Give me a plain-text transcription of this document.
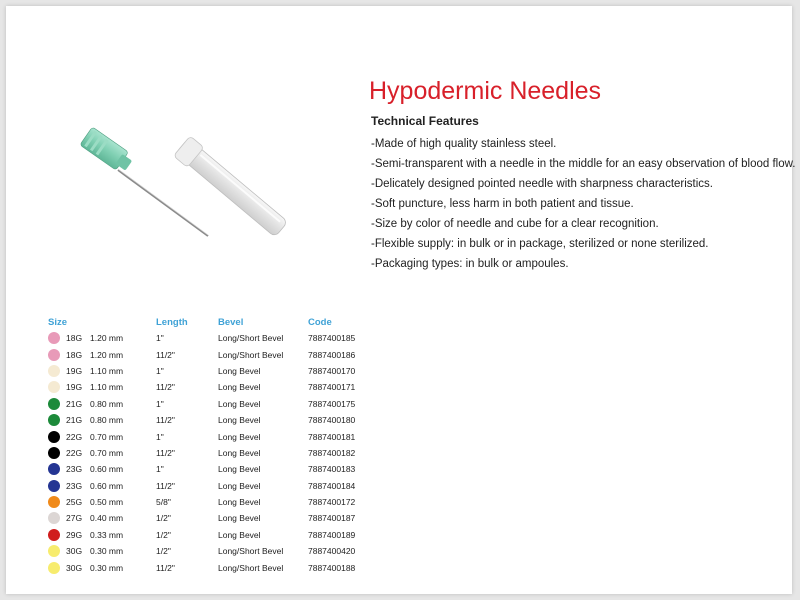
Hypodermic Needles
Technical Features
-Made of high quality stainless steel.
-Semi-transparent with a needle in the middle for an easy observation of blood flow.
-Delicately designed pointed needle with sharpness characteristics.
-Soft puncture, less harm in both patient and tissue.
-Size by color of needle and cube for a clear recognition.
-Flexible supply: in bulk or in package, sterilized or none sterilized.
-Packaging types: in bulk or ampoules.
Size			Length	Bevel	Code
	18G	1.20 mm	1"	Long/Short Bevel	7887400185
	18G	1.20 mm	11/2"	Long/Short Bevel	7887400186
	19G	1.10 mm	1"	Long Bevel	7887400170
	19G	1.10 mm	11/2"	Long Bevel	7887400171
	21G	0.80 mm	1"	Long Bevel	7887400175
	21G	0.80 mm	11/2"	Long Bevel	7887400180
	22G	0.70 mm	1"	Long Bevel	7887400181
	22G	0.70 mm	11/2"	Long Bevel	7887400182
	23G	0.60 mm	1"	Long Bevel	7887400183
	23G	0.60 mm	11/2"	Long Bevel	7887400184
	25G	0.50 mm	5/8"	Long Bevel	7887400172
	27G	0.40 mm	1/2"	Long Bevel	7887400187
	29G	0.33 mm	1/2"	Long Bevel	7887400189
	30G	0.30 mm	1/2"	Long/Short Bevel	7887400420
	30G	0.30 mm	11/2"	Long/Short Bevel	7887400188
